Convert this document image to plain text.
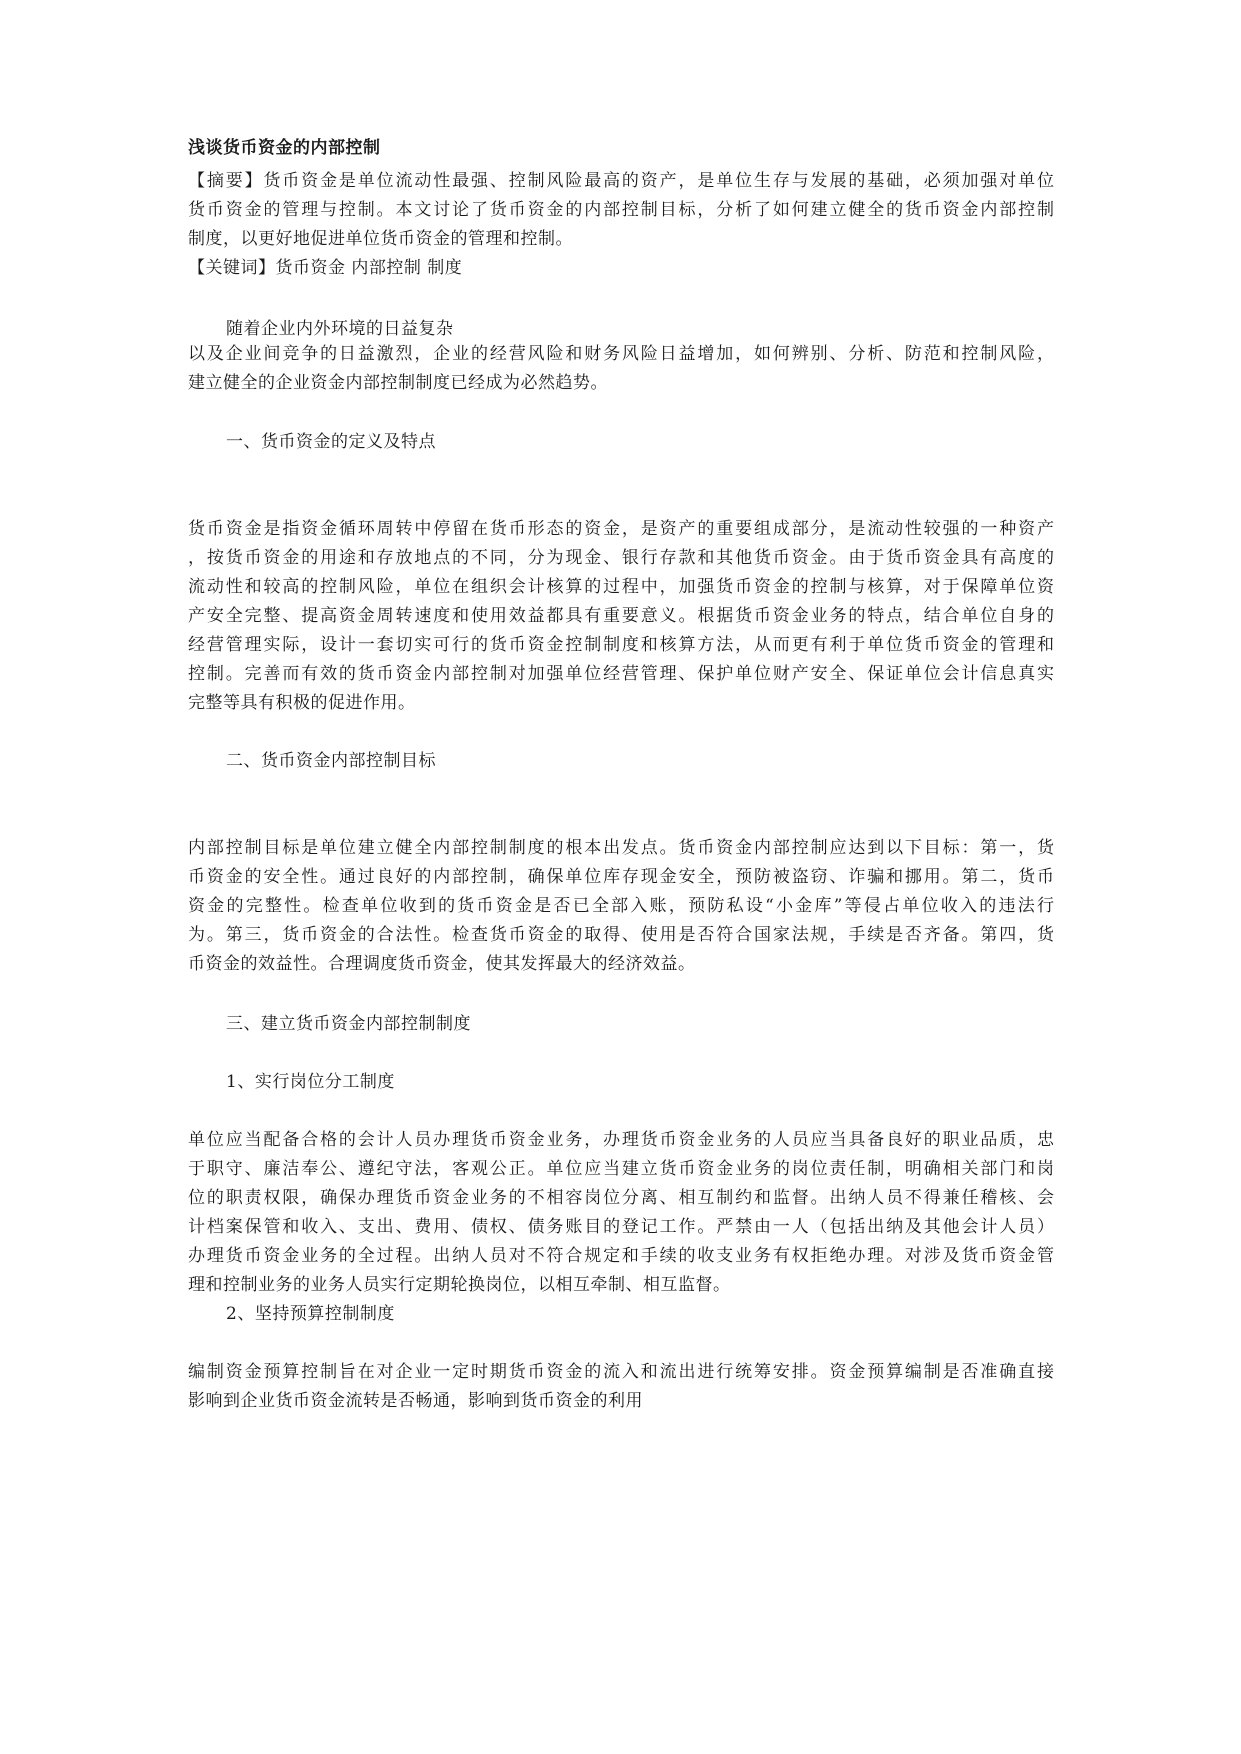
浅谈货币资金的内部控制

【摘要】货币资金是单位流动性最强、控制风险最高的资产，是单位生存与发展的基础，必须加强对单位

货币资金的管理与控制。本文讨论了货币资金的内部控制目标，分析了如何建立健全的货币资金内部控制

制度，以更好地促进单位货币资金的管理和控制。

【关键词】货币资金 内部控制 制度

随着企业内外环境的日益复杂

以及企业间竞争的日益激烈，企业的经营风险和财务风险日益增加，如何辨别、分析、防范和控制风险，

建立健全的企业资金内部控制制度已经成为必然趋势。

一、货币资金的定义及特点

货币资金是指资金循环周转中停留在货币形态的资金，是资产的重要组成部分，是流动性较强的一种资产

，按货币资金的用途和存放地点的不同，分为现金、银行存款和其他货币资金。由于货币资金具有高度的

流动性和较高的控制风险，单位在组织会计核算的过程中，加强货币资金的控制与核算，对于保障单位资

产安全完整、提高资金周转速度和使用效益都具有重要意义。根据货币资金业务的特点，结合单位自身的

经营管理实际，设计一套切实可行的货币资金控制制度和核算方法，从而更有利于单位货币资金的管理和

控制。完善而有效的货币资金内部控制对加强单位经营管理、保护单位财产安全、保证单位会计信息真实

完整等具有积极的促进作用。

二、货币资金内部控制目标

内部控制目标是单位建立健全内部控制制度的根本出发点。货币资金内部控制应达到以下目标：第一，货

币资金的安全性。通过良好的内部控制，确保单位库存现金安全，预防被盗窃、诈骗和挪用。第二，货币

资金的完整性。检查单位收到的货币资金是否已全部入账，预防私设“小金库”等侵占单位收入的违法行

为。第三，货币资金的合法性。检查货币资金的取得、使用是否符合国家法规，手续是否齐备。第四，货

币资金的效益性。合理调度货币资金，使其发挥最大的经济效益。

三、建立货币资金内部控制制度

1、实行岗位分工制度

单位应当配备合格的会计人员办理货币资金业务，办理货币资金业务的人员应当具备良好的职业品质，忠

于职守、廉洁奉公、遵纪守法，客观公正。单位应当建立货币资金业务的岗位责任制，明确相关部门和岗

位的职责权限，确保办理货币资金业务的不相容岗位分离、相互制约和监督。出纳人员不得兼任稽核、会

计档案保管和收入、支出、费用、债权、债务账目的登记工作。严禁由一人（包括出纳及其他会计人员）

办理货币资金业务的全过程。出纳人员对不符合规定和手续的收支业务有权拒绝办理。对涉及货币资金管

理和控制业务的业务人员实行定期轮换岗位，以相互牵制、相互监督。

2、坚持预算控制制度

编制资金预算控制旨在对企业一定时期货币资金的流入和流出进行统筹安排。资金预算编制是否准确直接

影响到企业货币资金流转是否畅通，影响到货币资金的利用
